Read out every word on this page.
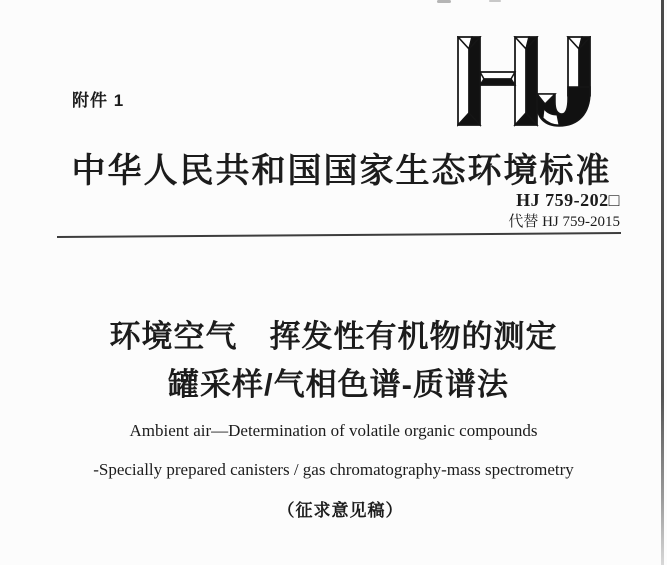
附件 1
中华人民共和国国家生态环境标准
HJ 759-202□
代替 HJ 759-2015
环境空气　挥发性有机物的测定
罐采样/气相色谱-质谱法
Ambient air—Determination of volatile organic compounds
-Specially prepared canisters / gas chromatography-mass spectrometry
（征求意见稿）
